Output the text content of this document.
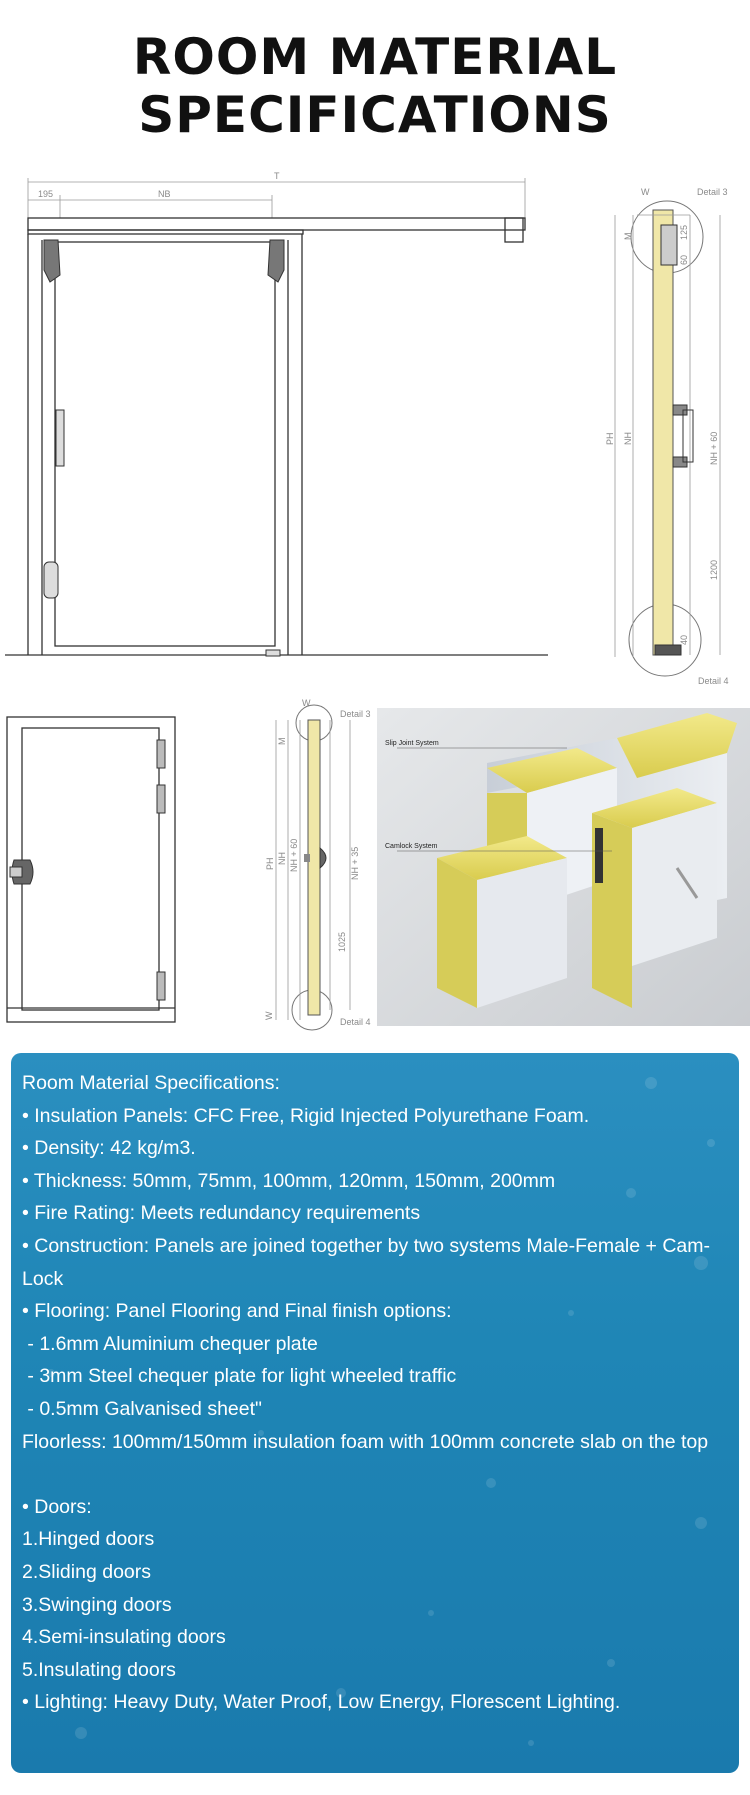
ROOM MATERIAL
SPECIFICATIONS
T
195	NB	W	Detail 3
Detail 4
M	125
60
PH NH	NH + 60
1200
40
W
Detail 3
Detail 4
W
PH NH NH + 60	NH + 35
1025
M	Slip Joint System
Camlock System
Room Material Specifications:
• Insulation Panels: CFC Free, Rigid Injected Polyurethane Foam.
• Density: 42 kg/m3.
• Thickness: 50mm, 75mm, 100mm, 120mm, 150mm, 200mm
• Fire Rating: Meets redundancy requirements
• Construction: Panels are joined together by two systems Male-Female + Cam-Lock
• Flooring: Panel Flooring and Final finish options:
- 1.6mm Aluminium chequer plate
- 3mm Steel chequer plate for light wheeled traffic
- 0.5mm Galvanised sheet"
Floorless: 100mm/150mm insulation foam with 100mm concrete slab on the top
• Doors:
1.Hinged doors
2.Sliding doors
3.Swinging doors
4.Semi-insulating doors
5.Insulating doors
• Lighting: Heavy Duty, Water Proof, Low Energy, Florescent Lighting.
